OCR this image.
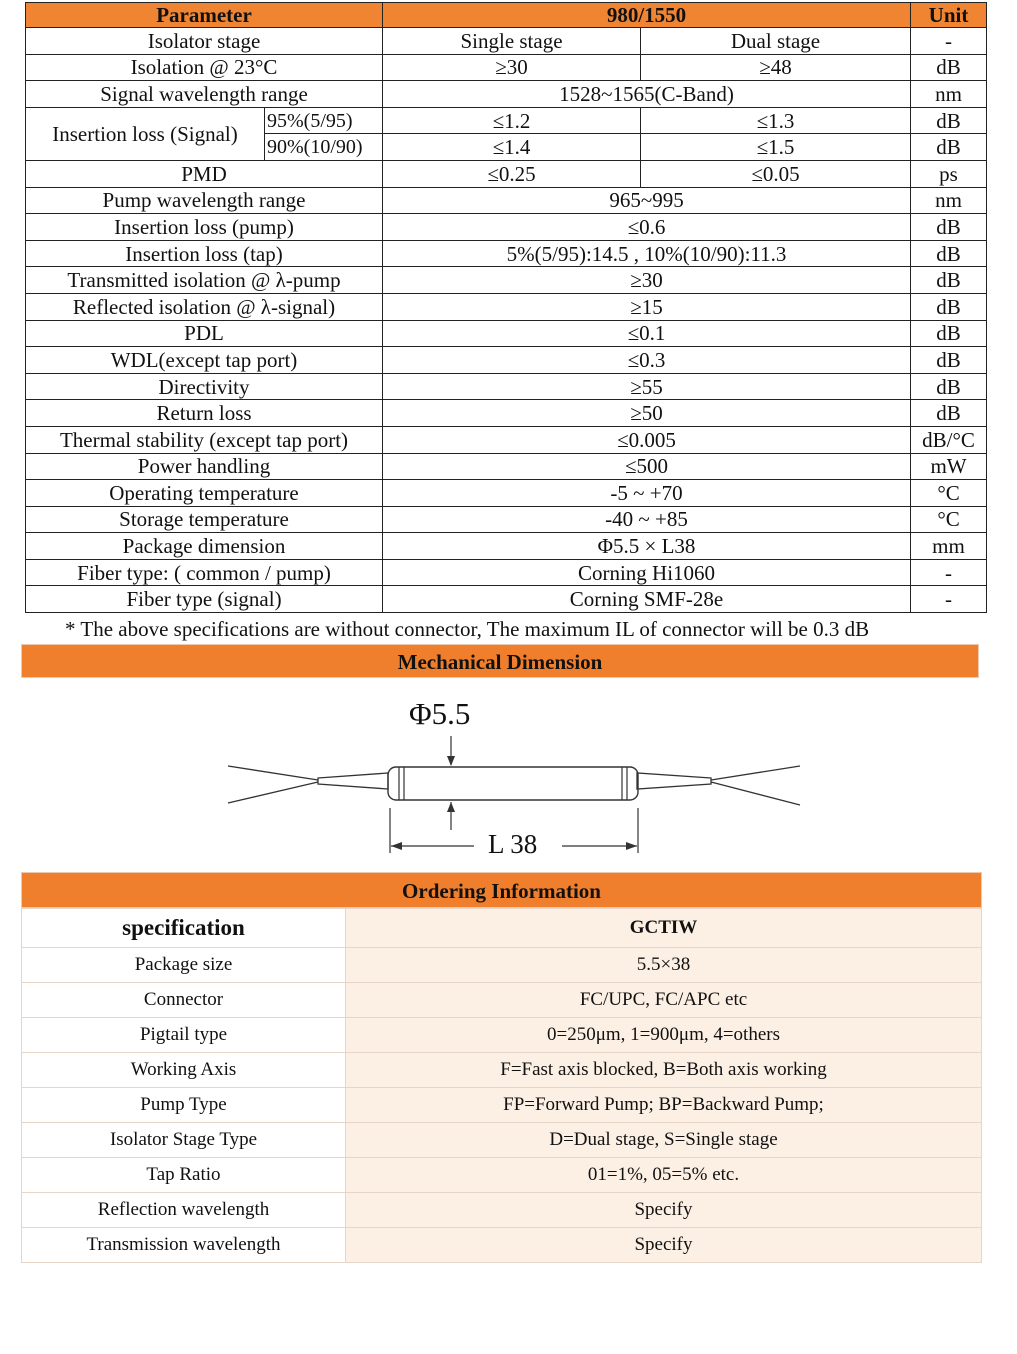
Parameter		980/1550		Unit
Isolator stage		Single stage	Dual stage	-
Isolation @ 23°C		≥30	≥48	dB
Signal wavelength range		1528~1565(C-Band)		nm
Insertion loss (Signal)	95%(5/95)	≤1.2	≤1.3	dB
	90%(10/90)	≤1.4	≤1.5	dB
PMD		≤0.25	≤0.05	ps
Pump wavelength range		965~995		nm
Insertion loss (pump)		≤0.6		dB
Insertion loss (tap)		5%(5/95):14.5 , 10%(10/90):11.3		dB
Transmitted isolation @ λ-pump		≥30		dB
Reflected isolation @ λ-signal)		≥15		dB
PDL		≤0.1		dB
WDL(except tap port)		≤0.3		dB
Directivity		≥55		dB
Return loss		≥50		dB
Thermal stability (except tap port)		≤0.005		dB/°C
Power handling		≤500		mW
Operating temperature		-5 ~ +70		°C
Storage temperature		-40 ~ +85		°C
Package dimension		Φ5.5 × L38		mm
Fiber type: ( common / pump)		Corning Hi1060		-
Fiber type (signal)		Corning SMF-28e		-
* The above specifications are without connector, The maximum IL of connector will be 0.3 dB
Mechanical Dimension
Φ5.5
L 38
Ordering Information
specification	GCTIW
Package size	5.5×38
Connector	FC/UPC, FC/APC etc
Pigtail type	0=250μm, 1=900μm, 4=others
Working Axis	F=Fast axis blocked, B=Both axis working
Pump Type	FP=Forward Pump; BP=Backward Pump;
Isolator Stage Type	D=Dual stage, S=Single stage
Tap Ratio	01=1%, 05=5% etc.
Reflection wavelength	Specify
Transmission wavelength	Specify
